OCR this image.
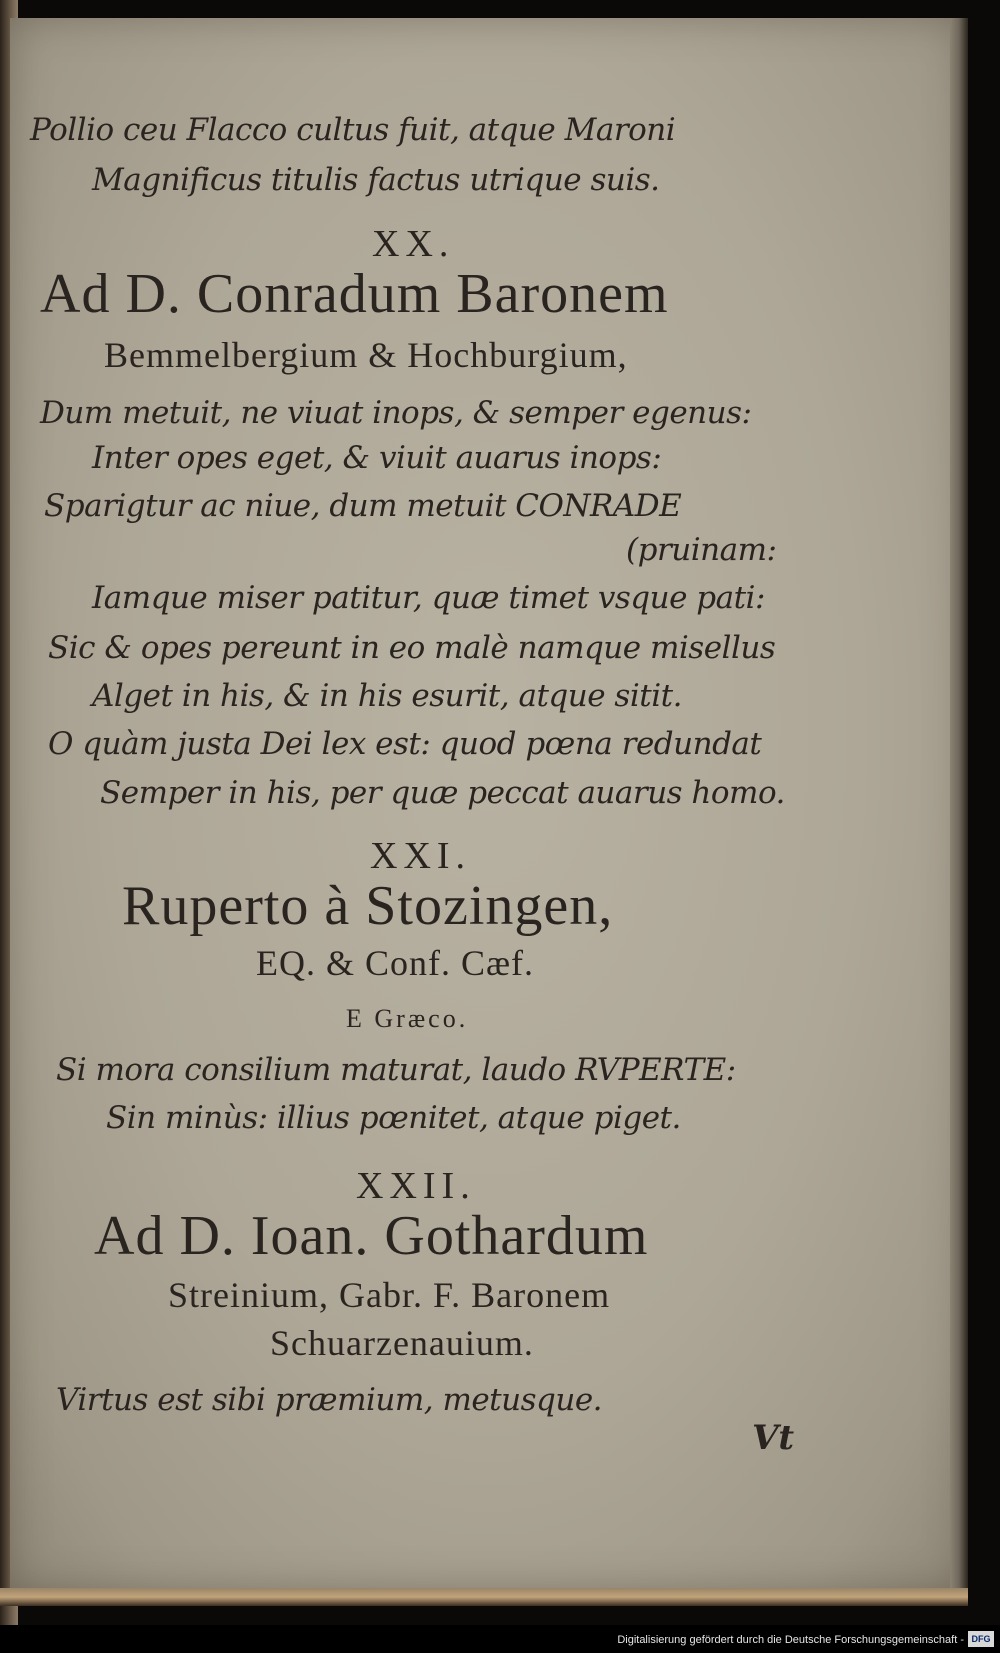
Pollio ceu Flacco cultus fuit, atque Maroni

Magnificus titulis factus utrique suis.

XX.

Ad D. Conradum Baronem

Bemmelbergium & Hochburgium,

Dum metuit, ne viuat inops, & semper egenus:

Inter opes eget, & viuit auarus inops:

Sparigtur ac niue, dum metuit CONRADE

(pruinam:

Iamque miser patitur, quæ timet vsque pati:

Sic & opes pereunt in eo malè namque misellus

Alget in his, & in his esurit, atque sitit.

O quàm justa Dei lex est: quod pœna redundat

Semper in his, per quæ peccat auarus homo.

XXI.

Ruperto à Stozingen,

EQ. & Conf. Cæf.

E Græco.

Si mora consilium maturat, laudo RVPERTE:

Sin minùs: illius pœnitet, atque piget.

XXII.

Ad D. Ioan. Gothardum

Streinium, Gabr. F. Baronem

Schuarzenauium.

Virtus est sibi præmium, metusque.

Vt

Digitalisierung gefördert durch die Deutsche Forschungsgemeinschaft - DFG
